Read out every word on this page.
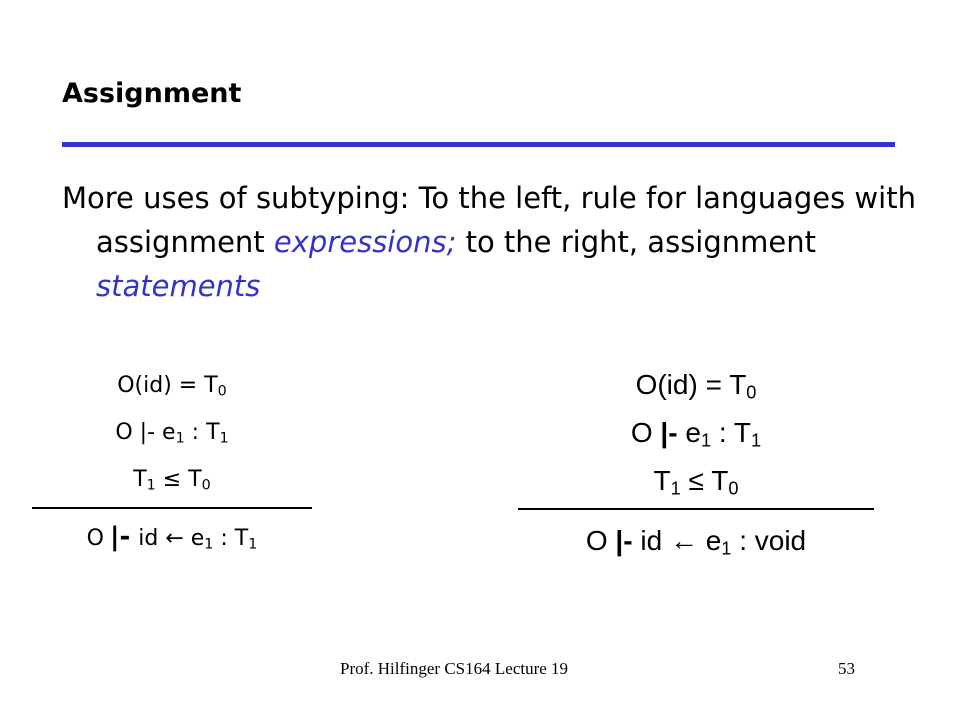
Assignment

More uses of subtyping: To the left, rule for languages with assignment expressions; to the right, assignment statements

$O(id) = T_0$
O |- $e_1$ : $T_1$
$T_1 \le T_0$
O |- id ← $e_1$ : $T_1$
$O(id) = T_0$
O |- $e_1$ : $T_1$
$T_1 \le T_0$
O |- id ← $e_1$ : void
Prof. Hilfinger CS164 Lecture 19	53
